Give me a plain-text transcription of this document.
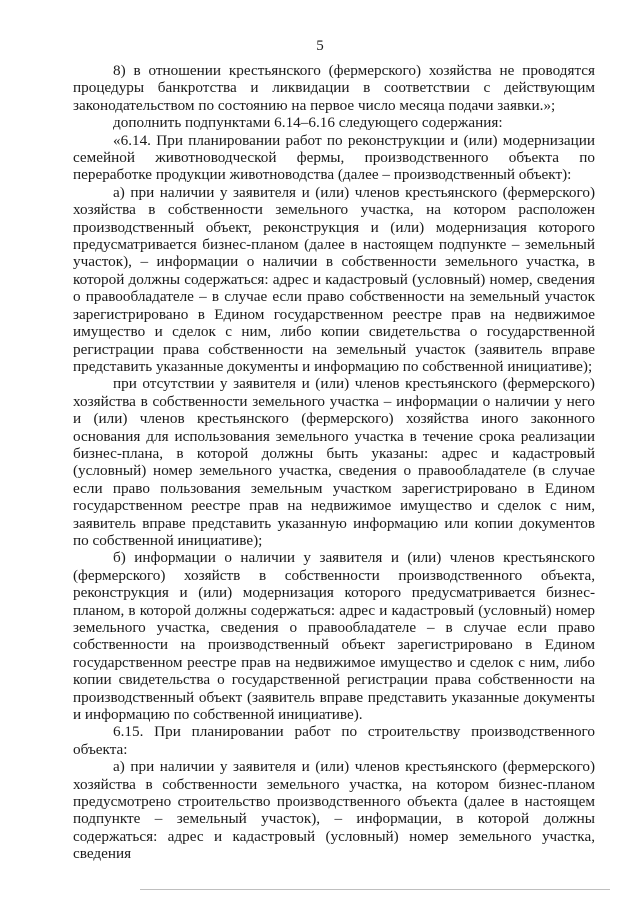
5

8) в отношении крестьянского (фермерского) хозяйства не проводятся процедуры банкротства и ликвидации в соответствии с действующим законодательством по состоянию на первое число месяца подачи заявки.»;

дополнить подпунктами 6.14–6.16 следующего содержания:

«6.14. При планировании работ по реконструкции и (или) модернизации семейной животноводческой фермы, производственного объекта по переработке продукции животноводства (далее – производственный объект):

а) при наличии у заявителя и (или) членов крестьянского (фермерского) хозяйства в собственности земельного участка, на котором расположен производственный объект, реконструкция и (или) модернизация которого предусматривается бизнес-планом (далее в настоящем подпункте – земельный участок), – информации о наличии в собственности земельного участка, в которой должны содержаться: адрес и кадастровый (условный) номер, сведения о правообладателе – в случае если право собственности на земельный участок зарегистрировано в Едином государственном реестре прав на недвижимое имущество и сделок с ним, либо копии свидетельства о государственной регистрации права собственности на земельный участок (заявитель вправе представить указанные документы и информацию по собственной инициативе);

при отсутствии у заявителя и (или) членов крестьянского (фермерского) хозяйства в собственности земельного участка – информации о наличии у него и (или) членов крестьянского (фермерского) хозяйства иного законного основания для использования земельного участка в течение срока реализации бизнес-плана, в которой должны быть указаны: адрес и кадастровый (условный) номер земельного участка, сведения о правообладателе (в случае если право пользования земельным участком зарегистрировано в Едином государственном реестре прав на недвижимое имущество и сделок с ним, заявитель вправе представить указанную информацию или копии документов по собственной инициативе);

б) информации о наличии у заявителя и (или) членов крестьянского (фермерского) хозяйств в собственности производственного объекта, реконструкция и (или) модернизация которого предусматривается бизнес-планом, в которой должны содержаться: адрес и кадастровый (условный) номер земельного участка, сведения о правообладателе – в случае если право собственности на производственный объект зарегистрировано в Едином государственном реестре прав на недвижимое имущество и сделок с ним, либо копии свидетельства о государственной регистрации права собственности на производственный объект (заявитель вправе представить указанные документы и информацию по собственной инициативе).

6.15. При планировании работ по строительству производственного объекта:

а) при наличии у заявителя и (или) членов крестьянского (фермерского) хозяйства в собственности земельного участка, на котором бизнес-планом предусмотрено строительство производственного объекта (далее в настоящем подпункте – земельный участок), – информации, в которой должны содержаться: адрес и кадастровый (условный) номер земельного участка, сведения
